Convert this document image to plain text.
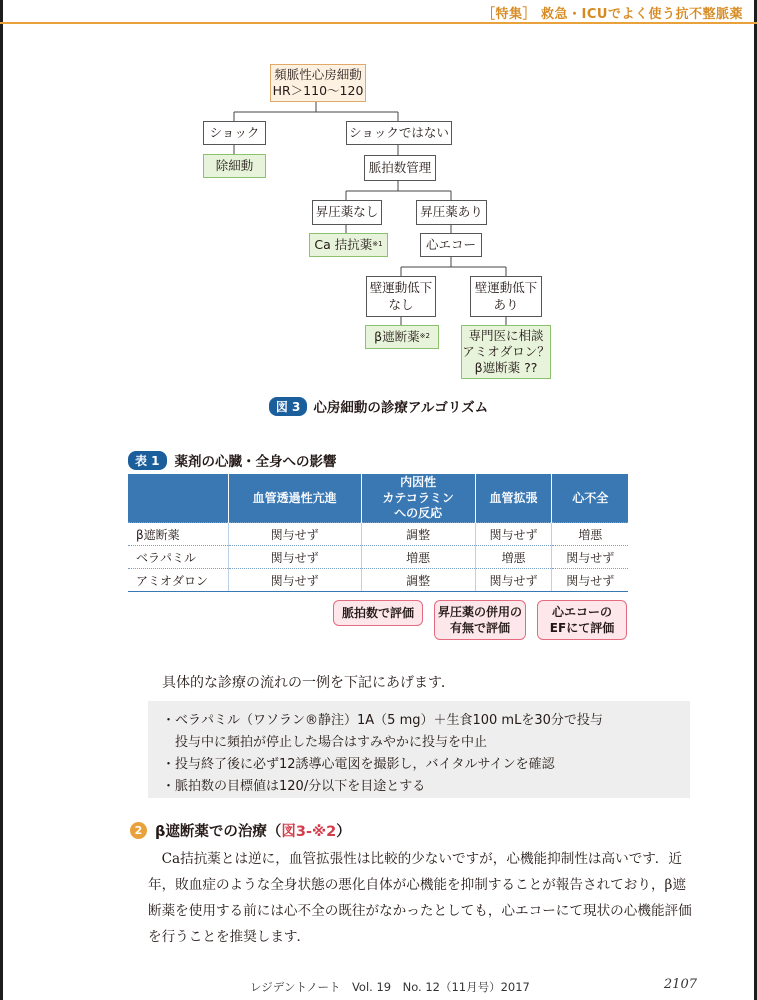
［特集］ 救急・ICUでよく使う抗不整脈薬
頻脈性心房細動
HR＞110〜120
ショック
除細動
ショックではない
脈拍数管理
昇圧薬なし	昇圧薬あり
Ca 拮抗薬 ※1	心エコー
壁運動低下
なし
壁運動低下
あり
β遮断薬 ※2	専門医に相談
アミオダロン？
β遮断薬 ??
図 3 心房細動の診療アルゴリズム
表 1	薬剤の心臓・全身への影響
	血管透過性亢進	内因性
カテコラミン
への反応	血管拡張	心不全
β遮断薬	関与せず	調整	関与せず	増悪
ベラパミル	関与せず	増悪	増悪	関与せず
アミオダロン	関与せず	調整	関与せず	関与せず
脈拍数で評価	昇圧薬の併用の
有無で評価
心エコーの
EFにて評価
具体的な診療の流れの一例を下記にあげます．
・ベラパミル（ワソラン®静注）1A（5 mg）＋生食100 mLを30分で投与
　投与中に頻拍が停止した場合はすみやかに投与を中止
・投与終了後に必ず12誘導心電図を撮影し，バイタルサインを確認
・脈拍数の目標値は120/分以下を目途とする
2 β遮断薬での治療（図3-※2）
　Ca拮抗薬とは逆に，血管拡張性は比較的少ないですが，心機能抑制性は高いです．近
年，敗血症のような全身状態の悪化自体が心機能を抑制することが報告されており，β遮
断薬を使用する前には心不全の既往がなかったとしても，心エコーにて現状の心機能評価
を行うことを推奨します．
レジデントノート　Vol. 19　No. 12（11月号）2017	2107
